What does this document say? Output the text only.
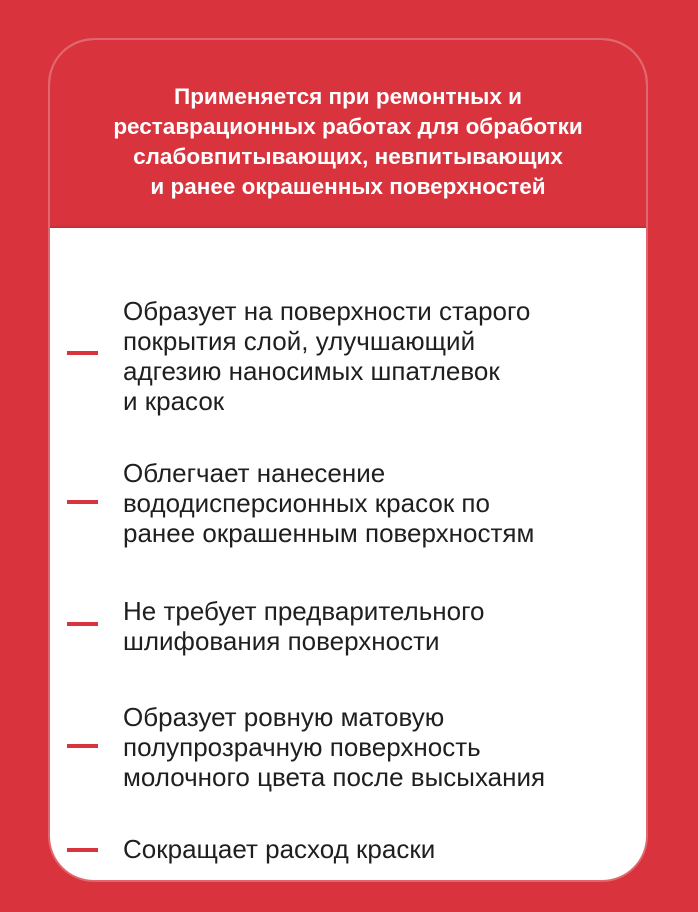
Применяется при ремонтных и
реставрационных работах для обработки
слабовпитывающих, невпитывающих
и ранее окрашенных поверхностей

Образует на поверхности старого
покрытия слой, улучшающий
адгезию наносимых шпатлевок
и красок

Облегчает нанесение
вододисперсионных красок по
ранее окрашенным поверхностям

Не требует предварительного
шлифования поверхности

Образует ровную матовую
полупрозрачную поверхность
молочного цвета после высыхания

Сокращает расход краски
